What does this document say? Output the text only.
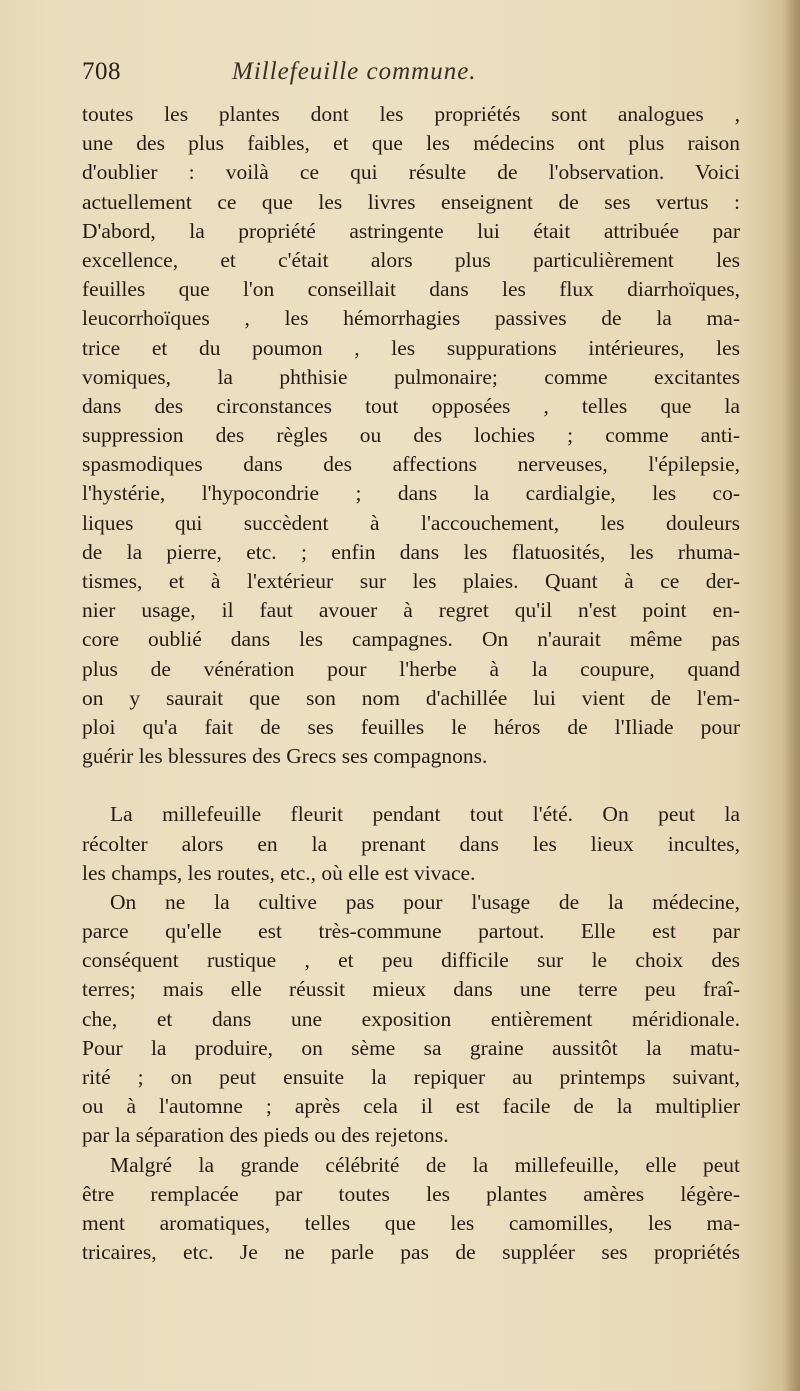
708	Millefeuille commune.
toutes les plantes dont les propriétés sont analogues ,
une des plus faibles, et que les médecins ont plus raison
d'oublier : voilà ce qui résulte de l'observation. Voici
actuellement ce que les livres enseignent de ses vertus :
D'abord, la propriété astringente lui était attribuée par
excellence, et c'était alors plus particulièrement les
feuilles que l'on conseillait dans les flux diarrhoïques,
leucorrhoïques , les hémorrhagies passives de la ma-
trice et du poumon , les suppurations intérieures, les
vomiques, la phthisie pulmonaire; comme excitantes
dans des circonstances tout opposées , telles que la
suppression des règles ou des lochies ; comme anti-
spasmodiques dans des affections nerveuses, l'épilepsie,
l'hystérie, l'hypocondrie ; dans la cardialgie, les co-
liques qui succèdent à l'accouchement, les douleurs
de la pierre, etc. ; enfin dans les flatuosités, les rhuma-
tismes, et à l'extérieur sur les plaies. Quant à ce der-
nier usage, il faut avouer à regret qu'il n'est point en-
core oublié dans les campagnes. On n'aurait même pas
plus de vénération pour l'herbe à la coupure, quand
on y saurait que son nom d'achillée lui vient de l'em-
ploi qu'a fait de ses feuilles le héros de l'Iliade pour
guérir les blessures des Grecs ses compagnons.
La millefeuille fleurit pendant tout l'été. On peut la
récolter alors en la prenant dans les lieux incultes,
les champs, les routes, etc., où elle est vivace.
On ne la cultive pas pour l'usage de la médecine,
parce qu'elle est très-commune partout. Elle est par
conséquent rustique , et peu difficile sur le choix des
terres; mais elle réussit mieux dans une terre peu fraî-
che, et dans une exposition entièrement méridionale.
Pour la produire, on sème sa graine aussitôt la matu-
rité ; on peut ensuite la repiquer au printemps suivant,
ou à l'automne ; après cela il est facile de la multiplier
par la séparation des pieds ou des rejetons.
Malgré la grande célébrité de la millefeuille, elle peut
être remplacée par toutes les plantes amères légère-
ment aromatiques, telles que les camomilles, les ma-
tricaires, etc. Je ne parle pas de suppléer ses propriétés
